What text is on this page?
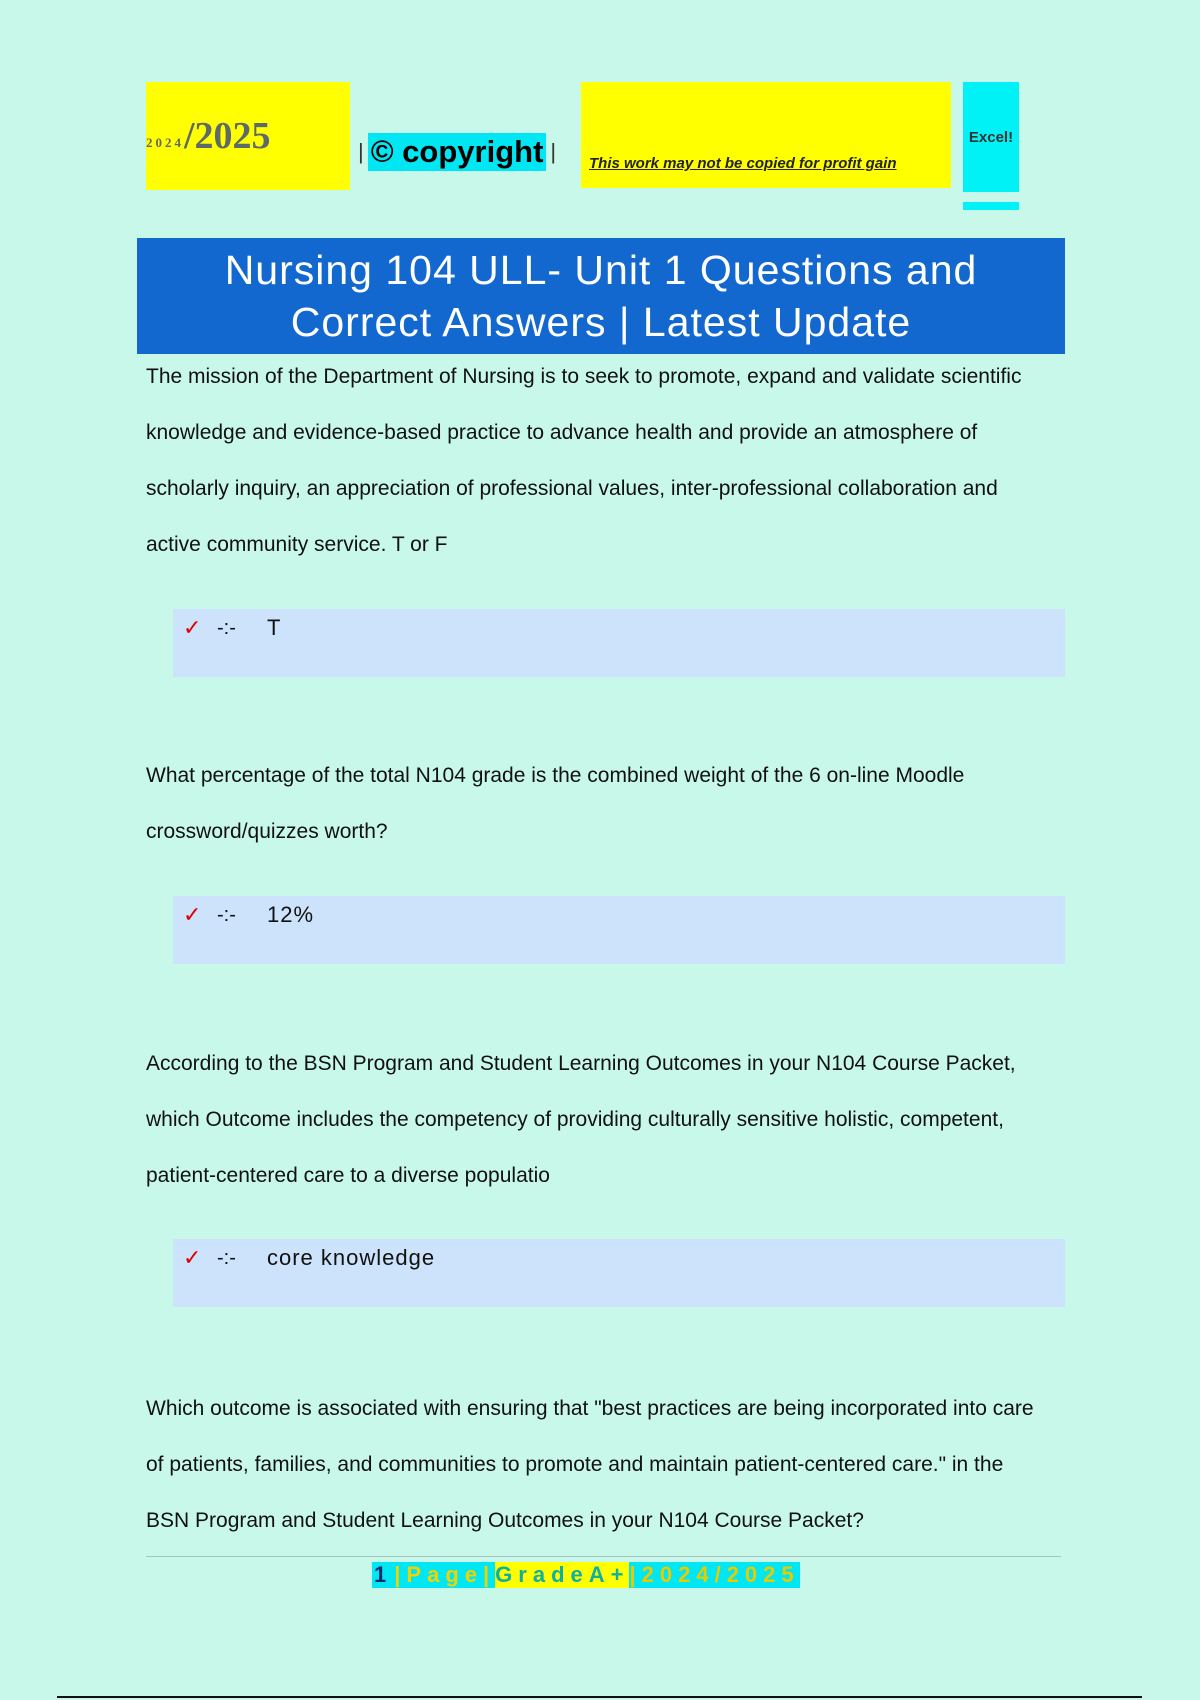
2024 /2025	| © copyright | This work may not be copied for profit gain
Excel!
Nursing 104 ULL- Unit 1 Questions and
Correct Answers | Latest Update
The mission of the Department of Nursing is to seek to promote, expand and validate scientific knowledge and evidence-based practice to advance health and provide an atmosphere of scholarly inquiry, an appreciation of professional values, inter-professional collaboration and active community service. T or F
✓ -:- T
What percentage of the total N104 grade is the combined weight of the 6 on-line Moodle crossword/quizzes worth?
✓ -:- 12%
According to the BSN Program and Student Learning Outcomes in your N104 Course Packet, which Outcome includes the competency of providing culturally sensitive holistic, competent, patient-centered care to a diverse populatio
✓ -:- core knowledge
Which outcome is associated with ensuring that "best practices are being incorporated into care of patients, families, and communities to promote and maintain patient-centered care." in the BSN Program and Student Learning Outcomes in your N104 Course Packet?
1 |Page| GradeA+ |2024/2025
